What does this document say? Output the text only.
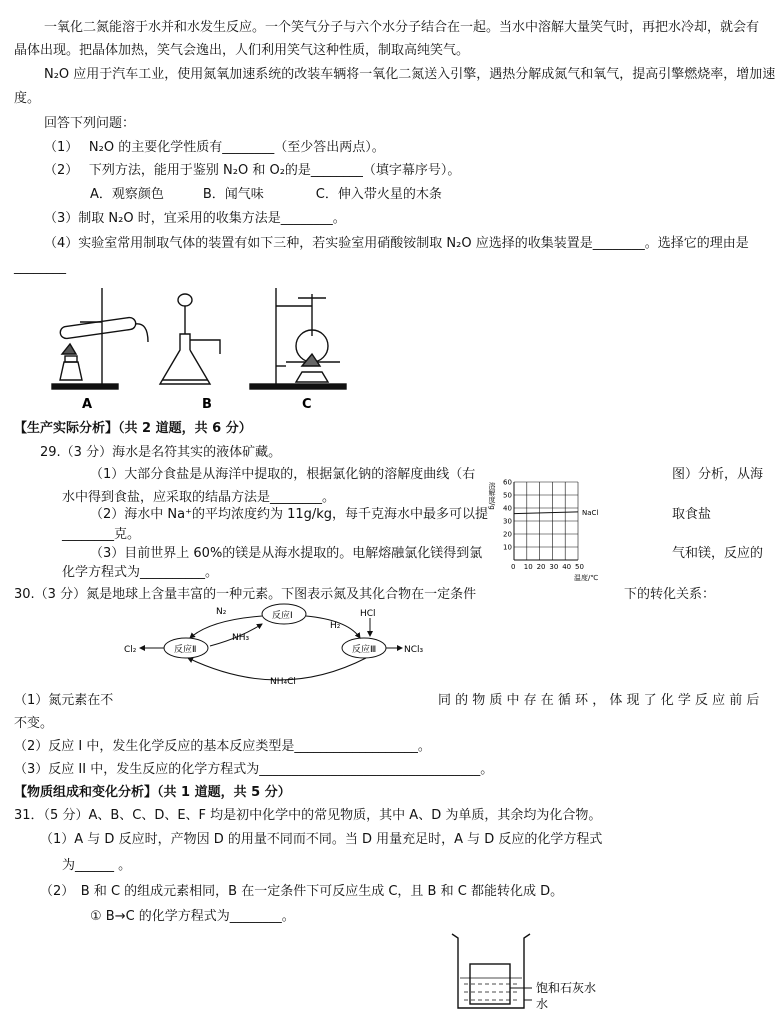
一氧化二氮能溶于水并和水发生反应。一个笑气分子与六个水分子结合在一起。当水中溶解大量笑气时，再把水冷却，就会有
晶体出现。把晶体加热，笑气会逸出，人们利用笑气这种性质，制取高纯笑气。
N₂O 应用于汽车工业，使用氮氧加速系统的改装车辆将一氧化二氮送入引擎，遇热分解成氮气和氧气，提高引擎燃烧率，增加速
度。
回答下列问题：
（1）　 N₂O 的主要化学性质有________（至少答出两点）。
（2）　 下列方法，能用于鉴别 N₂O 和 O₂的是________（填字幕序号）。
A．观察颜色　　　B．闻气味　　　　C．伸入带火星的木条
（3）制取 N₂O 时，宜采用的收集方法是________。
（4）实验室常用制取气体的装置有如下三种，若实验室用硝酸铵制取 N₂O 应选择的收集装置是________。选择它的理由是
________
A	B	C
【生产实际分析】（共 2 道题，共 6 分）
29.（3 分）海水是名符其实的液体矿藏。
（1）大部分食盐是从海洋中提取的，根据氯化钠的溶解度曲线（右	图）分析，从海
水中得到食盐，应采取的结晶方法是________。
（2）海水中 Na⁺的平均浓度约为 11g/kg，每千克海水中最多可以提	取食盐
________克。
（3）目前世界上 60%的镁是从海水提取的。电解熔融氯化镁得到氯	气和镁，反应的
化学方程式为__________。	0 10 20 30 40 50
10
20
30
40
50
60
NaCl
溶解度/g
温度/℃
30.（3 分）氮是地球上含量丰富的一种元素。下图表示氮及其化合物在一定条件	下的转化关系：
反应Ⅰ
反应Ⅱ	反应Ⅲ
N₂
NH₃
H₂
HCl
Cl₂	NCl₃
NH₄Cl
（1）氮元素在不	同 的 物 质 中 存 在 循 环 ， 体 现 了 化 学 反 应 前 后
不变。
（2）反应 I 中，发生化学反应的基本反应类型是___________________。
（3）反应 II 中，发生反应的化学方程式为__________________________________。
【物质组成和变化分析】（共 1 道题，共 5 分）
31．（5 分）A、B、C、D、E、F 均是初中化学中的常见物质，其中 A、D 为单质，其余均为化合物。
（1）A 与 D 反应时，产物因 D 的用量不同而不同。当 D 用量充足时，A 与 D 反应的化学方程式
为______ 。
（2）　B 和 C 的组成元素相同，B 在一定条件下可反应生成 C，且 B 和 C 都能转化成 D。
① B→C 的化学方程式为________。
饱和石灰水
水
